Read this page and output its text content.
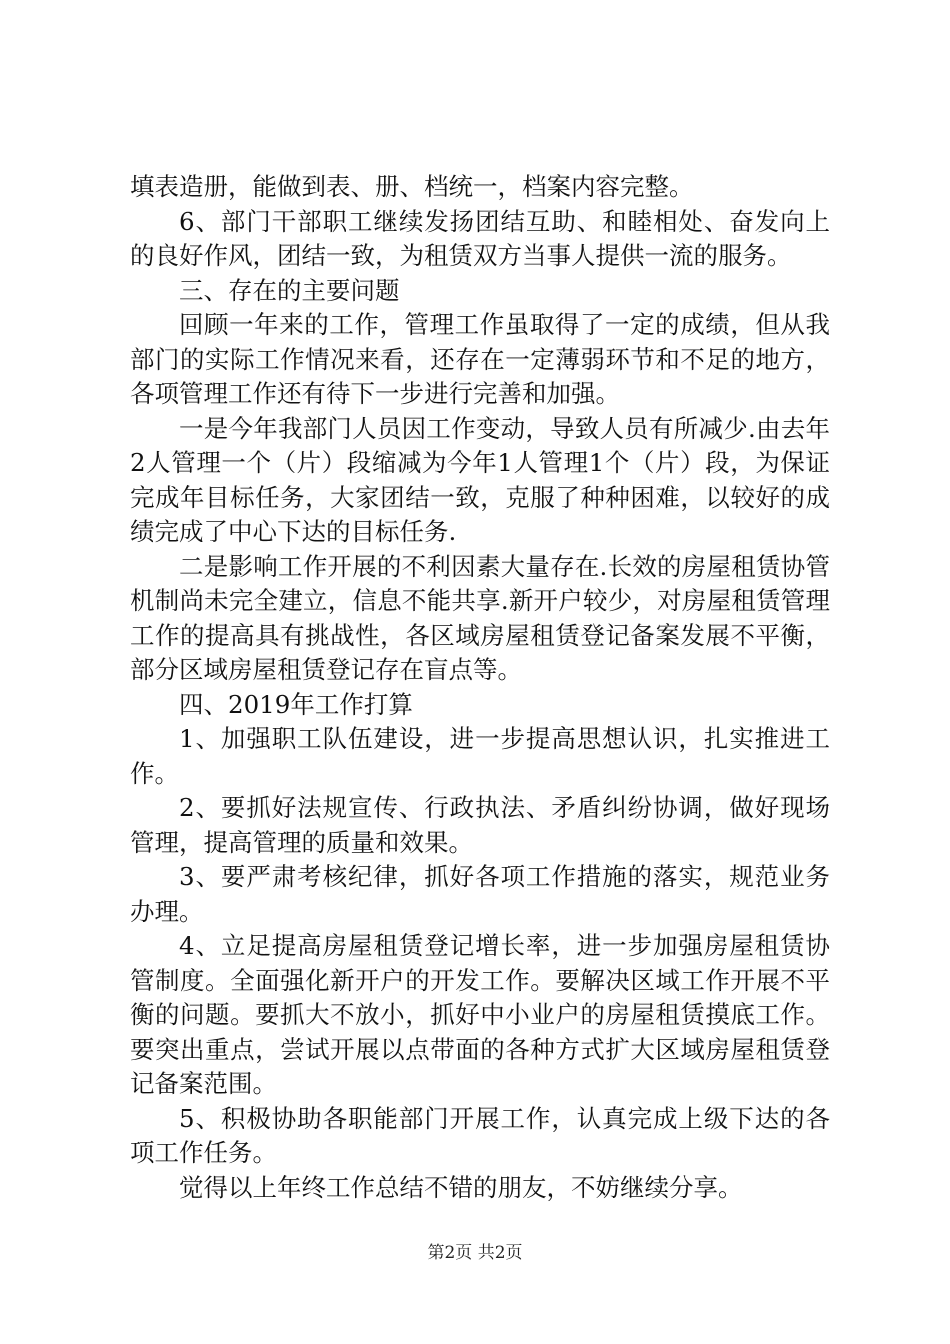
填表造册，能做到表、册、档统一，档案内容完整。

6、部门干部职工继续发扬团结互助、和睦相处、奋发向上的良好作风，团结一致，为租赁双方当事人提供一流的服务。

三、存在的主要问题

回顾一年来的工作，管理工作虽取得了一定的成绩，但从我部门的实际工作情况来看，还存在一定薄弱环节和不足的地方，各项管理工作还有待下一步进行完善和加强。

一是今年我部门人员因工作变动，导致人员有所减少.由去年2人管理一个（片）段缩减为今年1人管理1个（片）段，为保证完成年目标任务，大家团结一致，克服了种种困难，以较好的成绩完成了中心下达的目标任务.

二是影响工作开展的不利因素大量存在.长效的房屋租赁协管机制尚未完全建立，信息不能共享.新开户较少，对房屋租赁管理工作的提高具有挑战性，各区域房屋租赁登记备案发展不平衡，部分区域房屋租赁登记存在盲点等。

四、2019年工作打算

1、加强职工队伍建设，进一步提高思想认识，扎实推进工作。

2、要抓好法规宣传、行政执法、矛盾纠纷协调，做好现场管理，提高管理的质量和效果。

3、要严肃考核纪律，抓好各项工作措施的落实，规范业务办理。

4、立足提高房屋租赁登记增长率，进一步加强房屋租赁协管制度。全面强化新开户的开发工作。要解决区域工作开展不平衡的问题。要抓大不放小，抓好中小业户的房屋租赁摸底工作。要突出重点，尝试开展以点带面的各种方式扩大区域房屋租赁登记备案范围。

5、积极协助各职能部门开展工作，认真完成上级下达的各项工作任务。

觉得以上年终工作总结不错的朋友，不妨继续分享。

第2页 共2页
